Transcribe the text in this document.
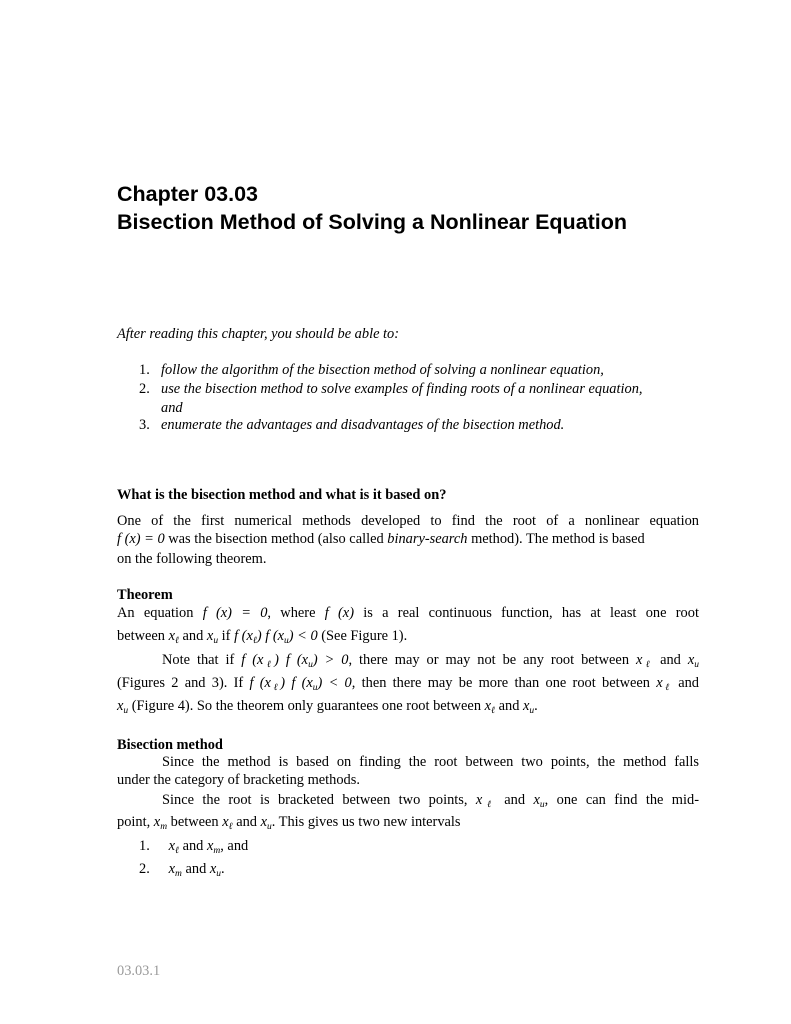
Chapter 03.03
Bisection Method of Solving a Nonlinear Equation
After reading this chapter, you should be able to:
1. follow the algorithm of the bisection method of solving a nonlinear equation,
2. use the bisection method to solve examples of finding roots of a nonlinear equation,
and
3. enumerate the advantages and disadvantages of the bisection method.
What is the bisection method and what is it based on?
One of the first numerical methods developed to find the root of a nonlinear equation
f (x) = 0 was the bisection method (also called binary-search method). The method is based
on the following theorem.
Theorem
An equation f (x) = 0, where f (x) is a real continuous function, has at least one root
between $x_\ell$ and $x_u$ if f $(x_\ell)$ f $(x_u) < 0$ (See Figure 1).
Note that if f $(x_\ell)$ f $(x_u) > 0$, there may or may not be any root between $x_\ell$ and $x_u$
(Figures 2 and 3). If f $(x_\ell)$ f $(x_u) < 0$, then there may be more than one root between $x_\ell$ and
$x_u$ (Figure 4). So the theorem only guarantees one root between $x_\ell$ and $x_u$.
Bisection method
Since the method is based on finding the root between two points, the method falls
under the category of bracketing methods.
Since the root is bracketed between two points, $x_\ell$ and $x_u$, one can find the mid-
point, $x_m$ between $x_\ell$ and $x_u$. This gives us two new intervals
1. $x_\ell$ and $x_m$, and
2. $x_m$ and $x_u$.
03.03.1
